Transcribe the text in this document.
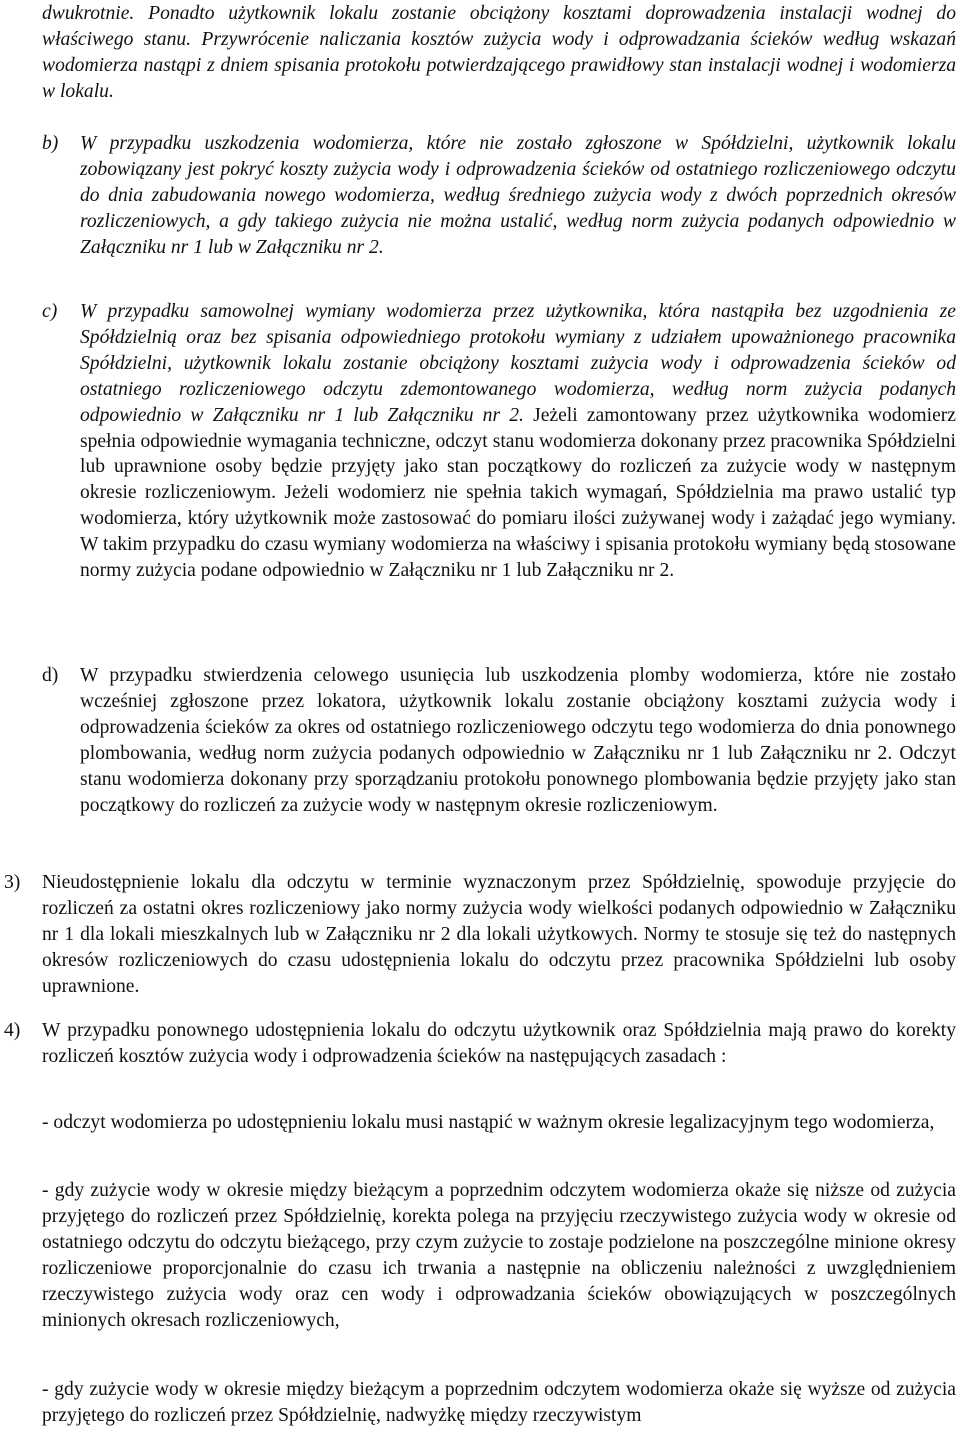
dwukrotnie. Ponadto użytkownik lokalu zostanie obciążony kosztami doprowadzenia instalacji wodnej do właściwego stanu. Przywrócenie naliczania kosztów zużycia wody i odprowadzania ścieków według wskazań wodomierza nastąpi z dniem spisania protokołu potwierdzającego prawidłowy stan instalacji wodnej i wodomierza w lokalu.
b) W przypadku uszkodzenia wodomierza, które nie zostało zgłoszone w Spółdzielni, użytkownik lokalu zobowiązany jest pokryć koszty zużycia wody i odprowadzenia ścieków od ostatniego rozliczeniowego odczytu do dnia zabudowania nowego wodomierza, według średniego zużycia wody z dwóch poprzednich okresów rozliczeniowych, a gdy takiego zużycia nie można ustalić, według norm zużycia podanych odpowiednio w Załączniku nr 1 lub w Załączniku nr 2.
c) W przypadku samowolnej wymiany wodomierza przez użytkownika, która nastąpiła bez uzgodnienia ze Spółdzielnią oraz bez spisania odpowiedniego protokołu wymiany z udziałem upoważnionego pracownika Spółdzielni, użytkownik lokalu zostanie obciążony kosztami zużycia wody i odprowadzenia ścieków od ostatniego rozliczeniowego odczytu zdemontowanego wodomierza, według norm zużycia podanych odpowiednio w Załączniku nr 1 lub Załączniku nr 2. Jeżeli zamontowany przez użytkownika wodomierz spełnia odpowiednie wymagania techniczne, odczyt stanu wodomierza dokonany przez pracownika Spółdzielni lub uprawnione osoby będzie przyjęty jako stan początkowy do rozliczeń za zużycie wody w następnym okresie rozliczeniowym. Jeżeli wodomierz nie spełnia takich wymagań, Spółdzielnia ma prawo ustalić typ wodomierza, który użytkownik może zastosować do pomiaru ilości zużywanej wody i zażądać jego wymiany. W takim przypadku do czasu wymiany wodomierza na właściwy i spisania protokołu wymiany będą stosowane normy zużycia podane odpowiednio w Załączniku nr 1 lub Załączniku nr 2.
d) W przypadku stwierdzenia celowego usunięcia lub uszkodzenia plomby wodomierza, które nie zostało wcześniej zgłoszone przez lokatora, użytkownik lokalu zostanie obciążony kosztami zużycia wody i odprowadzenia ścieków za okres od ostatniego rozliczeniowego odczytu tego wodomierza do dnia ponownego plombowania, według norm zużycia podanych odpowiednio w Załączniku nr 1 lub Załączniku nr 2. Odczyt stanu wodomierza dokonany przy sporządzaniu protokołu ponownego plombowania będzie przyjęty jako stan początkowy do rozliczeń za zużycie wody w następnym okresie rozliczeniowym.
3) Nieudostępnienie lokalu dla odczytu w terminie wyznaczonym przez Spółdzielnię, spowoduje przyjęcie do rozliczeń za ostatni okres rozliczeniowy jako normy zużycia wody wielkości podanych odpowiednio w Załączniku nr 1 dla lokali mieszkalnych lub w Załączniku nr 2 dla lokali użytkowych. Normy te stosuje się też do następnych okresów rozliczeniowych do czasu udostępnienia lokalu do odczytu przez pracownika Spółdzielni lub osoby uprawnione.
4) W przypadku ponownego udostępnienia lokalu do odczytu użytkownik oraz Spółdzielnia mają prawo do korekty rozliczeń kosztów zużycia wody i odprowadzenia ścieków na następujących zasadach :
- odczyt wodomierza po udostępnieniu lokalu musi nastąpić w ważnym okresie legalizacyjnym tego wodomierza,
- gdy zużycie wody w okresie między bieżącym a poprzednim odczytem wodomierza okaże się niższe od zużycia przyjętego do rozliczeń przez Spółdzielnię, korekta polega na przyjęciu rzeczywistego zużycia wody w okresie od ostatniego odczytu do odczytu bieżącego, przy czym zużycie to zostaje podzielone na poszczególne minione okresy rozliczeniowe proporcjonalnie do czasu ich trwania a następnie na obliczeniu należności z uwzględnieniem rzeczywistego zużycia wody oraz cen wody i odprowadzania ścieków obowiązujących w poszczególnych minionych okresach rozliczeniowych,
- gdy zużycie wody w okresie między bieżącym a poprzednim odczytem wodomierza okaże się wyższe od zużycia przyjętego do rozliczeń przez Spółdzielnię, nadwyżkę między rzeczywistym
